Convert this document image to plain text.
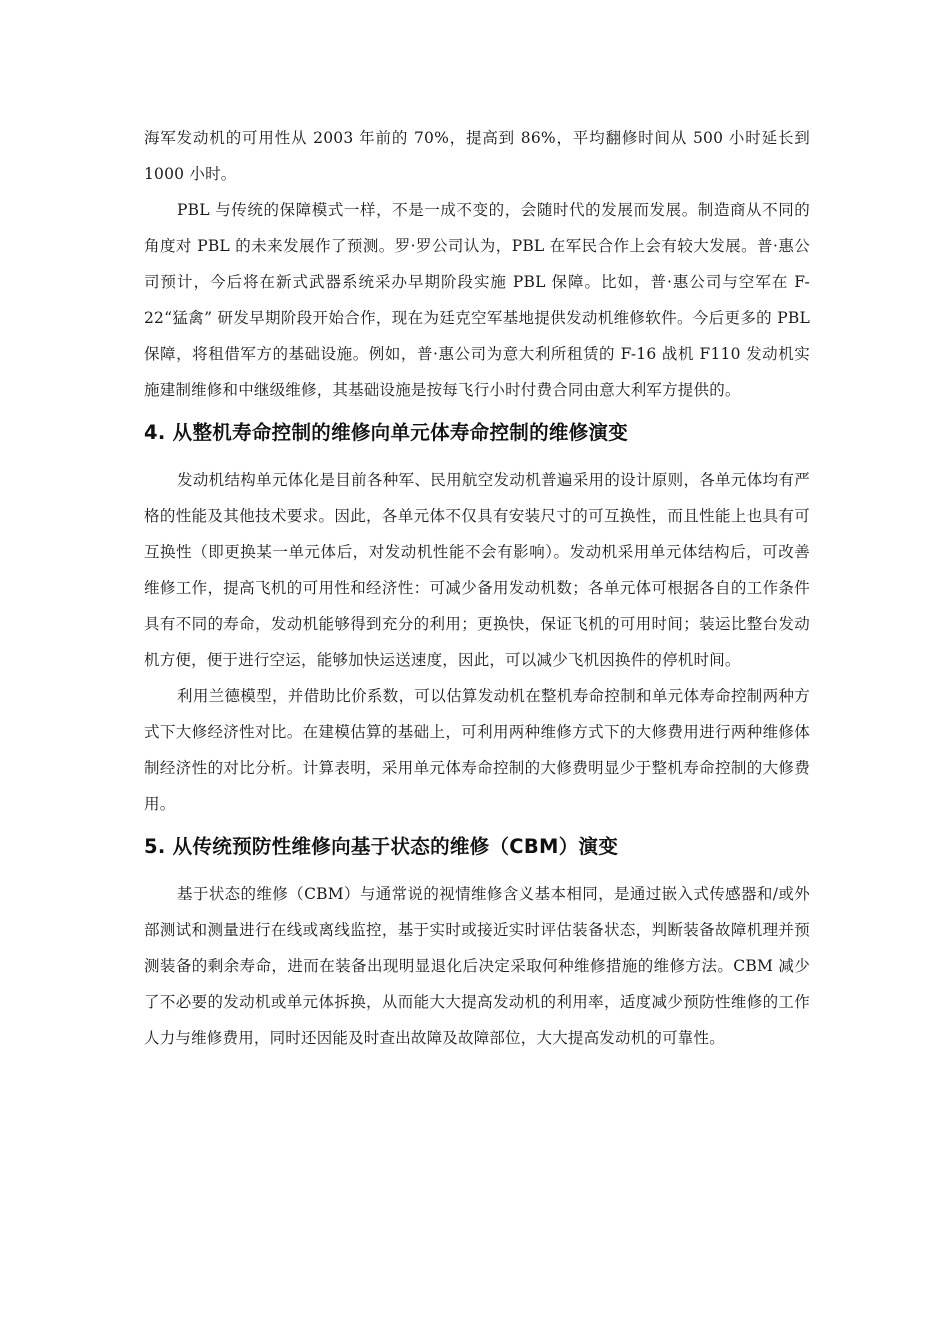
海军发动机的可用性从 2003 年前的 70%，提高到 86%，平均翻修时间从 500 小时延长到 1000 小时。

PBL 与传统的保障模式一样，不是一成不变的，会随时代的发展而发展。制造商从不同的角度对 PBL 的未来发展作了预测。罗·罗公司认为，PBL 在军民合作上会有较大发展。普·惠公司预计，今后将在新式武器系统采办早期阶段实施 PBL 保障。比如，普·惠公司与空军在 F-22“猛禽” 研发早期阶段开始合作，现在为廷克空军基地提供发动机维修软件。今后更多的 PBL 保障，将租借军方的基础设施。例如，普·惠公司为意大利所租赁的 F-16 战机 F110 发动机实施建制维修和中继级维修，其基础设施是按每飞行小时付费合同由意大利军方提供的。

4. 从整机寿命控制的维修向单元体寿命控制的维修演变

发动机结构单元体化是目前各种军、民用航空发动机普遍采用的设计原则，各单元体均有严格的性能及其他技术要求。因此，各单元体不仅具有安装尺寸的可互换性，而且性能上也具有可互换性（即更换某一单元体后，对发动机性能不会有影响）。发动机采用单元体结构后，可改善维修工作，提高飞机的可用性和经济性：可减少备用发动机数；各单元体可根据各自的工作条件具有不同的寿命，发动机能够得到充分的利用；更换快，保证飞机的可用时间；装运比整台发动机方便，便于进行空运，能够加快运送速度，因此，可以减少飞机因换件的停机时间。

利用兰德模型，并借助比价系数，可以估算发动机在整机寿命控制和单元体寿命控制两种方式下大修经济性对比。在建模估算的基础上，可利用两种维修方式下的大修费用进行两种维修体制经济性的对比分析。计算表明，采用单元体寿命控制的大修费明显少于整机寿命控制的大修费用。

5. 从传统预防性维修向基于状态的维修（CBM）演变

基于状态的维修（CBM）与通常说的视情维修含义基本相同，是通过嵌入式传感器和/或外部测试和测量进行在线或离线监控，基于实时或接近实时评估装备状态，判断装备故障机理并预测装备的剩余寿命，进而在装备出现明显退化后决定采取何种维修措施的维修方法。CBM 减少了不必要的发动机或单元体拆换，从而能大大提高发动机的利用率，适度减少预防性维修的工作人力与维修费用，同时还因能及时查出故障及故障部位，大大提高发动机的可靠性。
